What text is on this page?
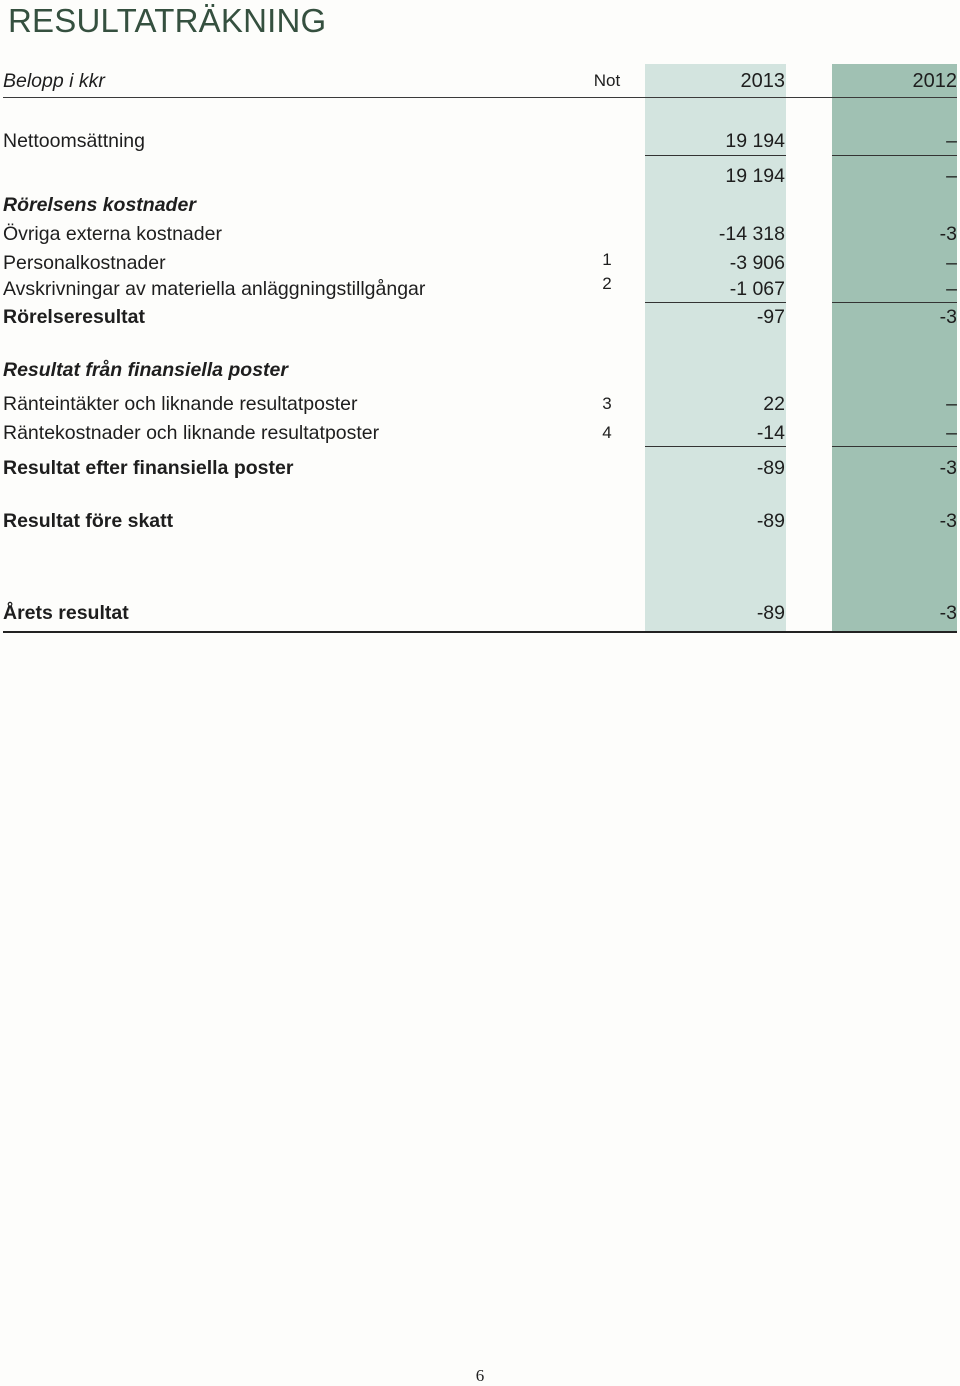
RESULTATRÄKNING
Belopp i kkr	Not	2013	2012
Nettoomsättning	19 194	–
19 194	–
Rörelsens kostnader
Övriga externa kostnader	-14 318	-3
Personalkostnader	1	-3 906	–
Avskrivningar av materiella anläggningstillgångar	2	-1 067	–
Rörelseresultat	-97	-3
Resultat från finansiella poster
Ränteintäkter och liknande resultatposter	3	22	–
Räntekostnader och liknande resultatposter	4	-14	–
Resultat efter finansiella poster	-89	-3
Resultat före skatt	-89	-3
Årets resultat	-89	-3
6
